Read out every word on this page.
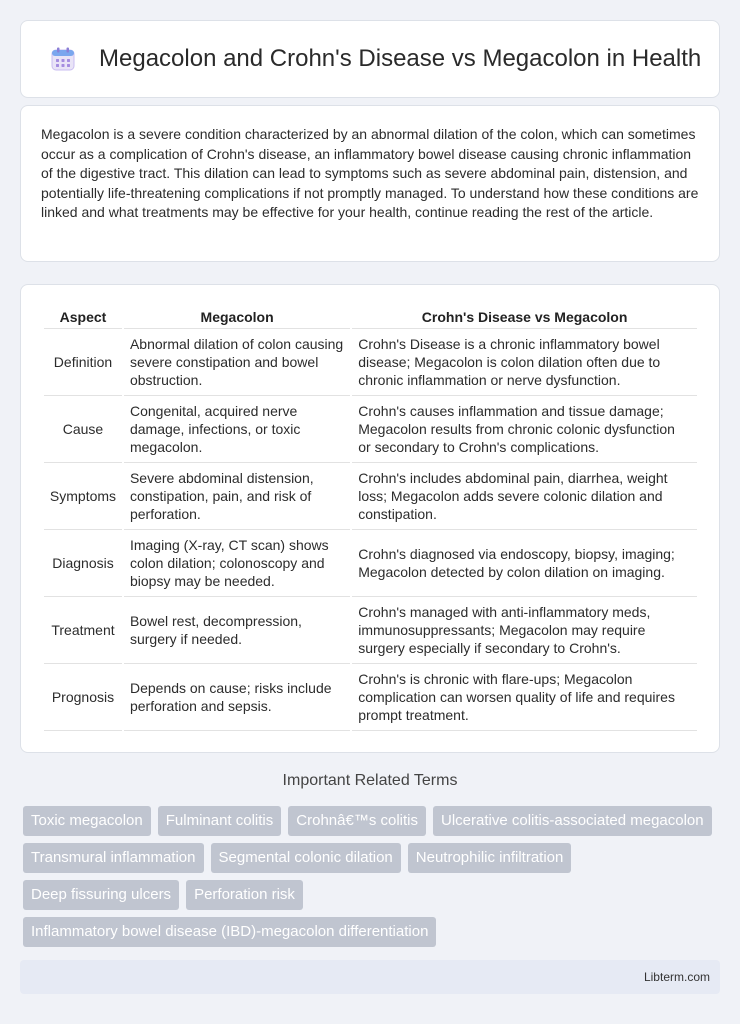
Megacolon and Crohn's Disease vs Megacolon in Health

Megacolon is a severe condition characterized by an abnormal dilation of the colon, which can sometimes occur as a complication of Crohn's disease, an inflammatory bowel disease causing chronic inflammation of the digestive tract. This dilation can lead to symptoms such as severe abdominal pain, distension, and potentially life-threatening complications if not promptly managed. To understand how these conditions are linked and what treatments may be effective for your health, continue reading the rest of the article.

Aspect	Megacolon	Crohn's Disease vs Megacolon
Definition	Abnormal dilation of colon causing severe constipation and bowel obstruction.	Crohn's Disease is a chronic inflammatory bowel disease; Megacolon is colon dilation often due to chronic inflammation or nerve dysfunction.
Cause	Congenital, acquired nerve damage, infections, or toxic megacolon.	Crohn's causes inflammation and tissue damage; Megacolon results from chronic colonic dysfunction or secondary to Crohn's complications.
Symptoms	Severe abdominal distension, constipation, pain, and risk of perforation.	Crohn's includes abdominal pain, diarrhea, weight loss; Megacolon adds severe colonic dilation and constipation.
Diagnosis	Imaging (X-ray, CT scan) shows colon dilation; colonoscopy and biopsy may be needed.	Crohn's diagnosed via endoscopy, biopsy, imaging; Megacolon detected by colon dilation on imaging.
Treatment	Bowel rest, decompression, surgery if needed.	Crohn's managed with anti-inflammatory meds, immunosuppressants; Megacolon may require surgery especially if secondary to Crohn's.
Prognosis	Depends on cause; risks include perforation and sepsis.	Crohn's is chronic with flare-ups; Megacolon complication can worsen quality of life and requires prompt treatment.
Important Related Terms
Toxic megacolon	Fulminant colitis	Crohnâ€™s colitis	Ulcerative colitis-associated megacolon
Transmural inflammation	Segmental colonic dilation	Neutrophilic infiltration
Deep fissuring ulcers	Perforation risk
Inflammatory bowel disease (IBD)-megacolon differentiation
Libterm.com
